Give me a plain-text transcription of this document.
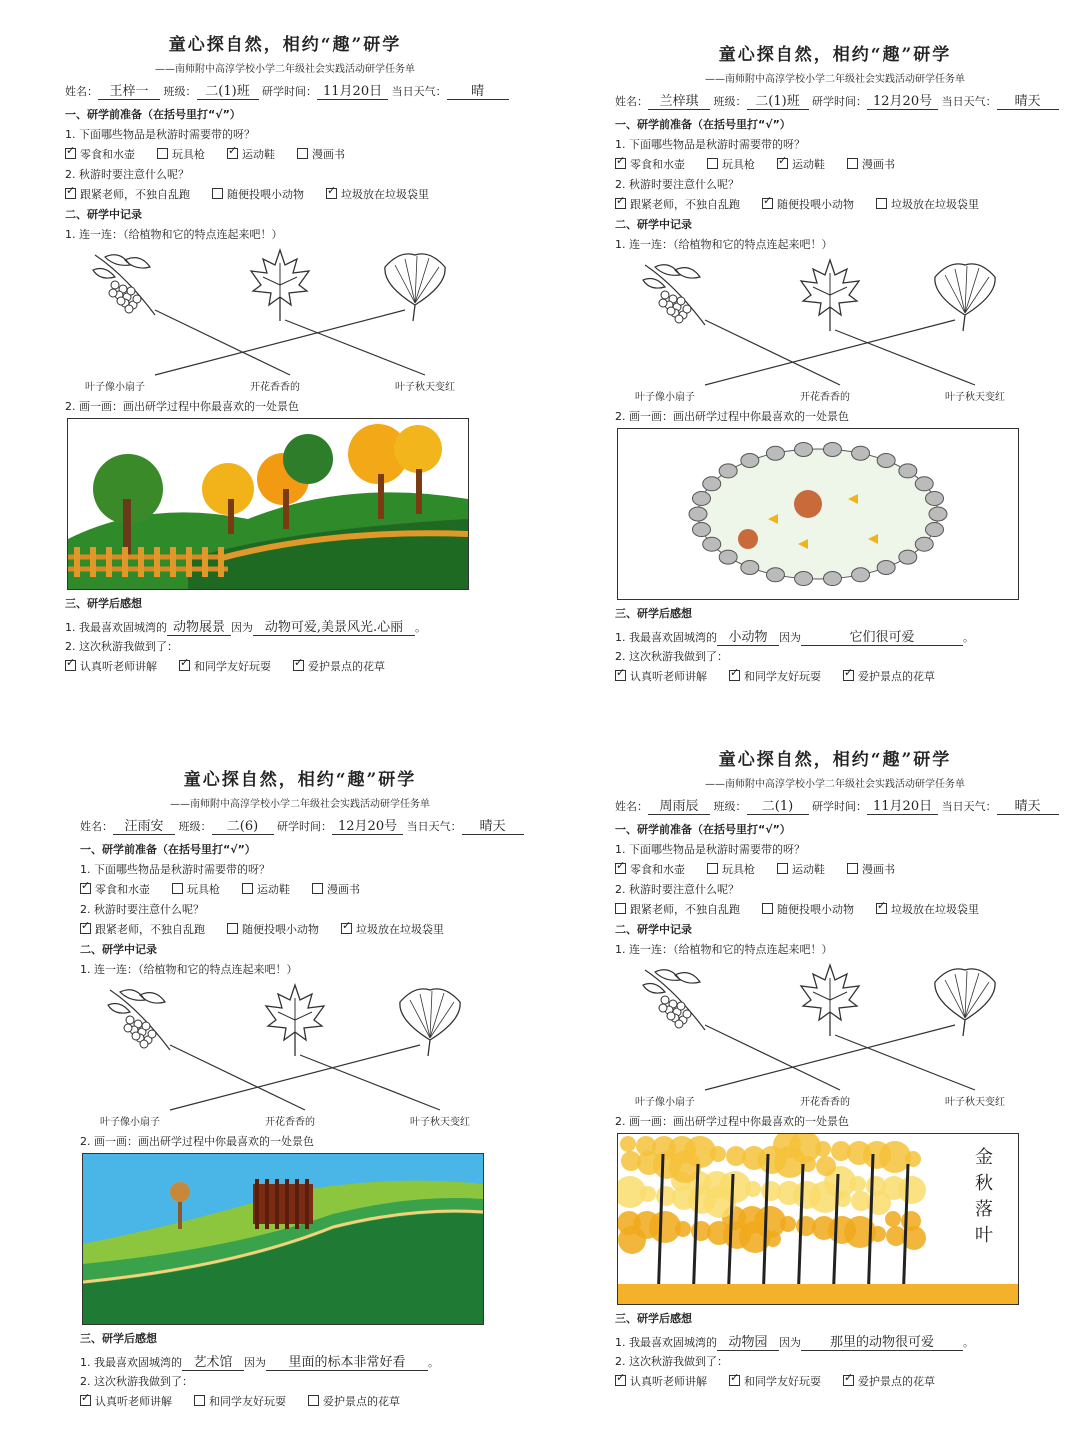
童心探自然，相约“趣”研学
——南师附中高淳学校小学二年级社会实践活动研学任务单
姓名： 王梓一 班级： 二(1)班 研学时间： 11月20日 当日天气： 晴
一、研学前准备（在括号里打“√”）
1. 下面哪些物品是秋游时需要带的呀？
✓零食和水壶	玩具枪 ✓	运动鞋	漫画书
2. 秋游时要注意什么呢？
✓跟紧老师，不独自乱跑	随便投喂小动物 ✓	垃圾放在垃圾袋里
二、研学中记录
1. 连一连：（给植物和它的特点连起来吧！）
叶子像小扇子	开花香香的	叶子秋天变红
2. 画一画：画出研学过程中你最喜欢的一处景色
三、研学后感想
1. 我最喜欢固城湾的 动物展景 因为 动物可爱,美景风光.心丽 。
2. 这次秋游我做到了：
✓认真听老师讲解 ✓	和同学友好玩耍 ✓	爱护景点的花草
童心探自然，相约“趣”研学
——南师附中高淳学校小学二年级社会实践活动研学任务单
姓名： 兰梓琪 班级： 二(1)班 研学时间： 12月20号 当日天气： 晴天
一、研学前准备（在括号里打“√”）
1. 下面哪些物品是秋游时需要带的呀？
✓零食和水壶	玩具枪 ✓	运动鞋	漫画书
2. 秋游时要注意什么呢？
✓跟紧老师，不独自乱跑 ✓	随便投喂小动物	垃圾放在垃圾袋里
二、研学中记录
1. 连一连：（给植物和它的特点连起来吧！）
叶子像小扇子	开花香香的	叶子秋天变红
2. 画一画：画出研学过程中你最喜欢的一处景色
三、研学后感想
1. 我最喜欢固城湾的 小动物 因为	它们很可爱	。
2. 这次秋游我做到了：
✓认真听老师讲解 ✓	和同学友好玩耍 ✓	爱护景点的花草
童心探自然，相约“趣”研学
——南师附中高淳学校小学二年级社会实践活动研学任务单
姓名： 汪雨安 班级： 二(6) 研学时间： 12月20号 当日天气： 晴天
一、研学前准备（在括号里打“√”）
1. 下面哪些物品是秋游时需要带的呀？
✓零食和水壶	玩具枪	运动鞋	漫画书
2. 秋游时要注意什么呢？
✓跟紧老师，不独自乱跑	随便投喂小动物 ✓	垃圾放在垃圾袋里
二、研学中记录
1. 连一连：（给植物和它的特点连起来吧！）
叶子像小扇子	开花香香的	叶子秋天变红
2. 画一画：画出研学过程中你最喜欢的一处景色
三、研学后感想
1. 我最喜欢固城湾的 艺术馆 因为 里面的标本非常好看 。
2. 这次秋游我做到了：
✓认真听老师讲解	和同学友好玩耍	爱护景点的花草
童心探自然，相约“趣”研学
——南师附中高淳学校小学二年级社会实践活动研学任务单
姓名： 周雨辰 班级： 二(1) 研学时间： 11月20日 当日天气： 晴天
一、研学前准备（在括号里打“√”）
1. 下面哪些物品是秋游时需要带的呀？
✓零食和水壶	玩具枪	运动鞋	漫画书
2. 秋游时要注意什么呢？
跟紧老师，不独自乱跑	随便投喂小动物 ✓	垃圾放在垃圾袋里
二、研学中记录
1. 连一连：（给植物和它的特点连起来吧！）
叶子像小扇子	开花香香的	叶子秋天变红
2. 画一画：画出研学过程中你最喜欢的一处景色
金秋落叶
三、研学后感想
1. 我最喜欢固城湾的 动物园 因为 那里的动物很可爱	。
2. 这次秋游我做到了：
✓认真听老师讲解 ✓	和同学友好玩耍 ✓	爱护景点的花草
